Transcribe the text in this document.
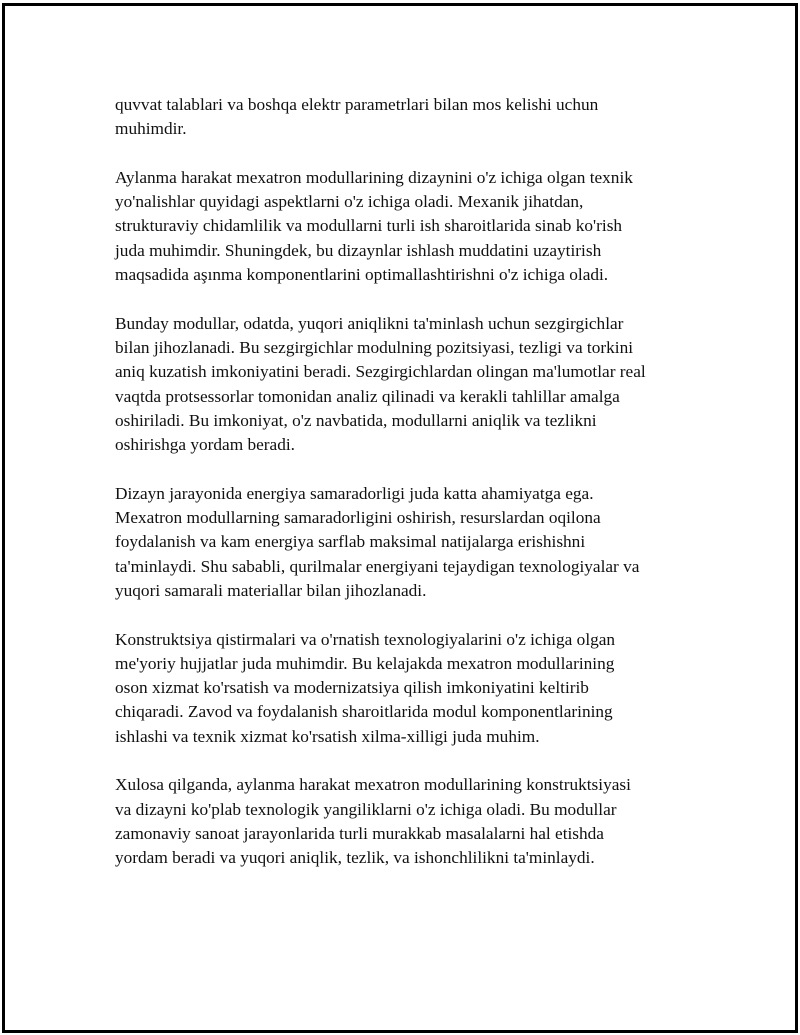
quvvat talablari va boshqa elektr parametrlari bilan mos kelishi uchun
muhimdir.

Aylanma harakat mexatron modullarining dizaynini o'z ichiga olgan texnik
yo'nalishlar quyidagi aspektlarni o'z ichiga oladi. Mexanik jihatdan,
strukturaviy chidamlilik va modullarni turli ish sharoitlarida sinab ko'rish
juda muhimdir. Shuningdek, bu dizaynlar ishlash muddatini uzaytirish
maqsadida aşınma komponentlarini optimallashtirishni o'z ichiga oladi.

Bunday modullar, odatda, yuqori aniqlikni ta'minlash uchun sezgirgichlar
bilan jihozlanadi. Bu sezgirgichlar modulning pozitsiyasi, tezligi va torkini
aniq kuzatish imkoniyatini beradi. Sezgirgichlardan olingan ma'lumotlar real
vaqtda protsessorlar tomonidan analiz qilinadi va kerakli tahlillar amalga
oshiriladi. Bu imkoniyat, o'z navbatida, modullarni aniqlik va tezlikni
oshirishga yordam beradi.

Dizayn jarayonida energiya samaradorligi juda katta ahamiyatga ega.
Mexatron modullarning samaradorligini oshirish, resurslardan oqilona
foydalanish va kam energiya sarflab maksimal natijalarga erishishni
ta'minlaydi. Shu sababli, qurilmalar energiyani tejaydigan texnologiyalar va
yuqori samarali materiallar bilan jihozlanadi.

Konstruktsiya qistirmalari va o'rnatish texnologiyalarini o'z ichiga olgan
me'yoriy hujjatlar juda muhimdir. Bu kelajakda mexatron modullarining
oson xizmat ko'rsatish va modernizatsiya qilish imkoniyatini keltirib
chiqaradi. Zavod va foydalanish sharoitlarida modul komponentlarining
ishlashi va texnik xizmat ko'rsatish xilma-xilligi juda muhim.

Xulosa qilganda, aylanma harakat mexatron modullarining konstruktsiyasi
va dizayni ko'plab texnologik yangiliklarni o'z ichiga oladi. Bu modullar
zamonaviy sanoat jarayonlarida turli murakkab masalalarni hal etishda
yordam beradi va yuqori aniqlik, tezlik, va ishonchlilikni ta'minlaydi.
